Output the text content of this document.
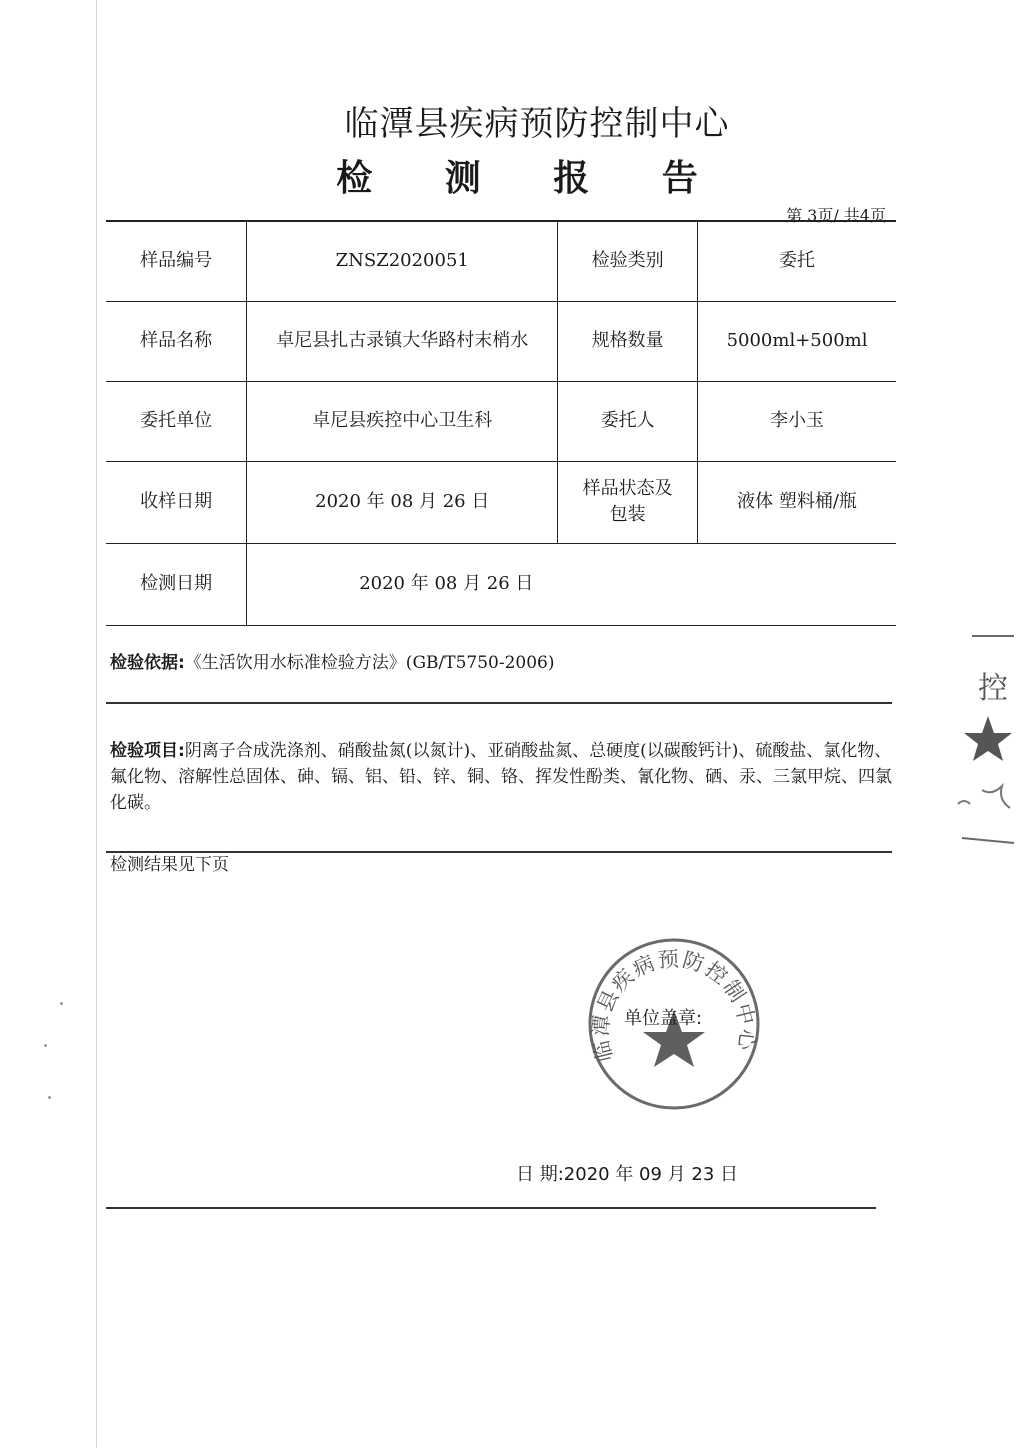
临潭县疾病预防控制中心
检 测 报 告
第 3页/ 共4页
样品编号	ZNSZ2020051	检验类别	委托
样品名称	卓尼县扎古录镇大华路村末梢水	规格数量	5000ml+500ml
委托单位	卓尼县疾控中心卫生科	委托人	李小玉
收样日期	2020 年 08 月 26 日	样品状态及包装	液体 塑料桶/瓶
检测日期	2020 年 08 月 26 日		
检验依据:《生活饮用水标准检验方法》(GB/T5750-2006)
检验项目:阴离子合成洗涤剂、硝酸盐氮(以氮计)、亚硝酸盐氮、总硬度(以碳酸钙计)、硫酸盐、氯化物、氟化物、溶解性总固体、砷、镉、铝、铅、锌、铜、铬、挥发性酚类、氰化物、硒、汞、三氯甲烷、四氯化碳。
检测结果见下页
临潭县疾病预防控制中心
单位盖章:
日 期:2020 年 09 月 23 日
控
